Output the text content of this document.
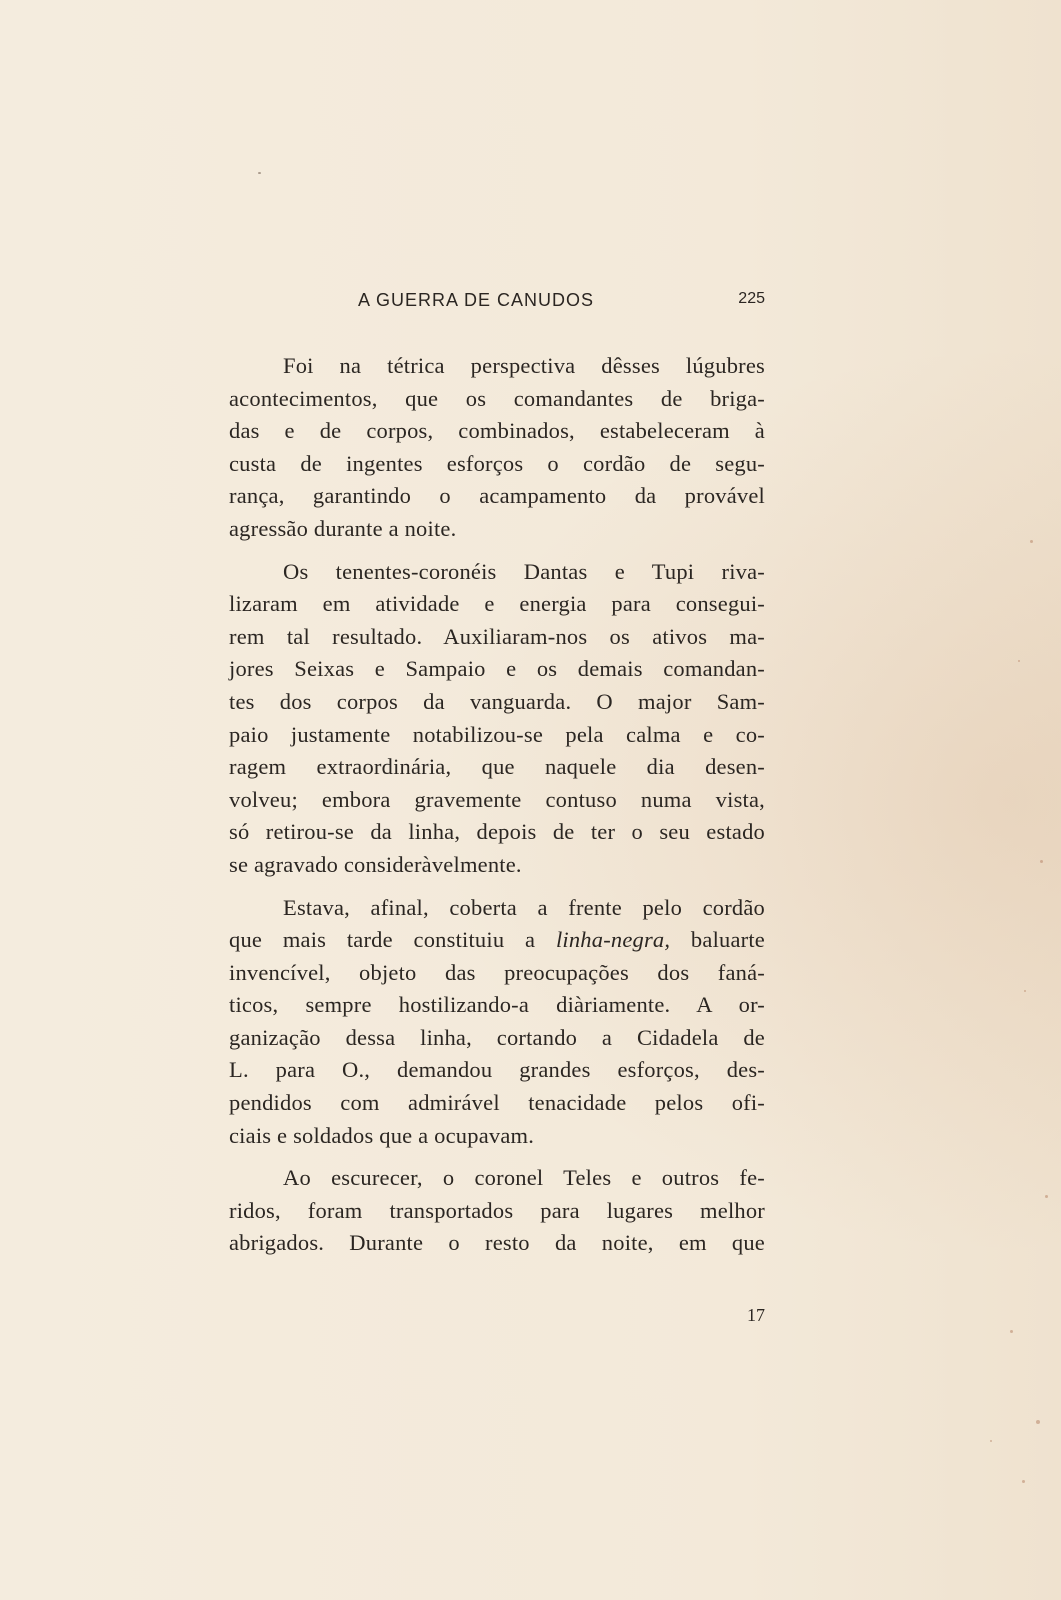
A GUERRA DE CANUDOS	225

Foi na tétrica perspectiva dêsses lúgubres
acontecimentos, que os comandantes de briga-
das e de corpos, combinados, estabeleceram à
custa de ingentes esforços o cordão de segu-
rança, garantindo o acampamento da provável
agressão durante a noite.

Os tenentes-coronéis Dantas e Tupi riva-
lizaram em atividade e energia para consegui-
rem tal resultado. Auxiliaram-nos os ativos ma-
jores Seixas e Sampaio e os demais comandan-
tes dos corpos da vanguarda. O major Sam-
paio justamente notabilizou-se pela calma e co-
ragem extraordinária, que naquele dia desen-
volveu; embora gravemente contuso numa vista,
só retirou-se da linha, depois de ter o seu estado
se agravado consideràvelmente.

Estava, afinal, coberta a frente pelo cordão
que mais tarde constituiu a linha-negra, baluarte
invencível, objeto das preocupações dos faná-
ticos, sempre hostilizando-a diàriamente. A or-
ganização dessa linha, cortando a Cidadela de
L. para O., demandou grandes esforços, des-
pendidos com admirável tenacidade pelos ofi-
ciais e soldados que a ocupavam.

Ao escurecer, o coronel Teles e outros fe-
ridos, foram transportados para lugares melhor
abrigados. Durante o resto da noite, em que

17
